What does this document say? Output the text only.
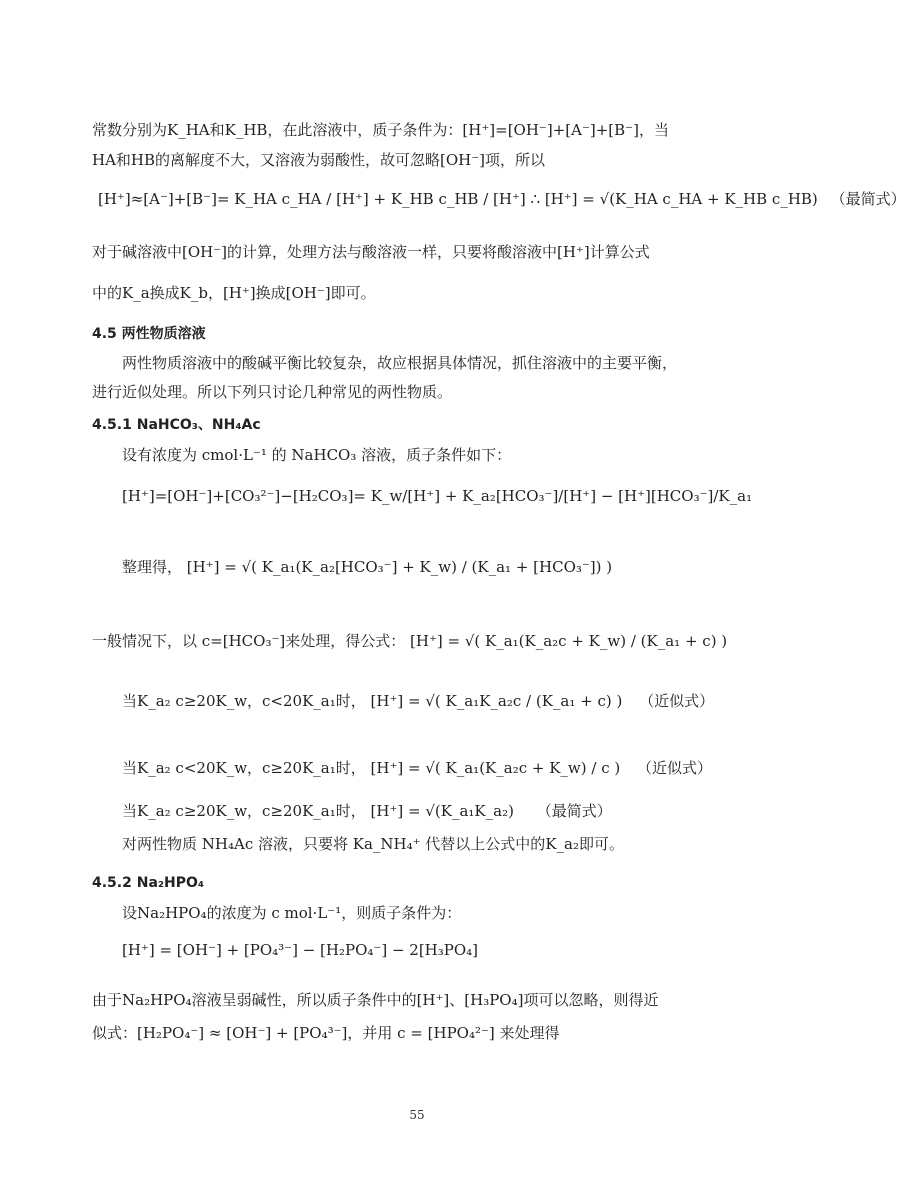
常数分别为K_HA和K_HB，在此溶液中，质子条件为：[H⁺]=[OH⁻]+[A⁻]+[B⁻]，当
HA和HB的离解度不大，又溶液为弱酸性，故可忽略[OH⁻]项，所以
[H⁺]≈[A⁻]+[B⁻]= K_HA c_HA / [H⁺] + K_HB c_HB / [H⁺] ∴ [H⁺] = √(K_HA c_HA + K_HB c_HB) （最简式）
对于碱溶液中[OH⁻]的计算，处理方法与酸溶液一样，只要将酸溶液中[H⁺]计算公式
中的K_a换成K_b，[H⁺]换成[OH⁻]即可。
4.5 两性物质溶液
两性物质溶液中的酸碱平衡比较复杂，故应根据具体情况，抓住溶液中的主要平衡，
进行近似处理。所以下列只讨论几种常见的两性物质。
4.5.1 NaHCO₃、NH₄Ac
设有浓度为 cmol·L⁻¹ 的 NaHCO₃ 溶液，质子条件如下：
[H⁺]=[OH⁻]+[CO₃²⁻]−[H₂CO₃]= K_w/[H⁺] + K_a₂[HCO₃⁻]/[H⁺] − [H⁺][HCO₃⁻]/K_a₁
整理得， [H⁺] = √( K_a₁(K_a₂[HCO₃⁻] + K_w) / (K_a₁ + [HCO₃⁻]) )
一般情况下，以 c=[HCO₃⁻]来处理，得公式： [H⁺] = √( K_a₁(K_a₂c + K_w) / (K_a₁ + c) )
当K_a₂ c≥20K_w，c<20K_a₁时， [H⁺] = √( K_a₁K_a₂c / (K_a₁ + c) ) （近似式）
当K_a₂ c<20K_w，c≥20K_a₁时， [H⁺] = √( K_a₁(K_a₂c + K_w) / c ) （近似式）
当K_a₂ c≥20K_w，c≥20K_a₁时， [H⁺] = √(K_a₁K_a₂) （最简式）
对两性物质 NH₄Ac 溶液，只要将 Ka_NH₄⁺ 代替以上公式中的K_a₂即可。
4.5.2 Na₂HPO₄
设Na₂HPO₄的浓度为 c mol·L⁻¹，则质子条件为：
[H⁺] = [OH⁻] + [PO₄³⁻] − [H₂PO₄⁻] − 2[H₃PO₄]
由于Na₂HPO₄溶液呈弱碱性，所以质子条件中的[H⁺]、[H₃PO₄]项可以忽略，则得近
似式：[H₂PO₄⁻] ≈ [OH⁻] + [PO₄³⁻]，并用 c = [HPO₄²⁻] 来处理得
55
